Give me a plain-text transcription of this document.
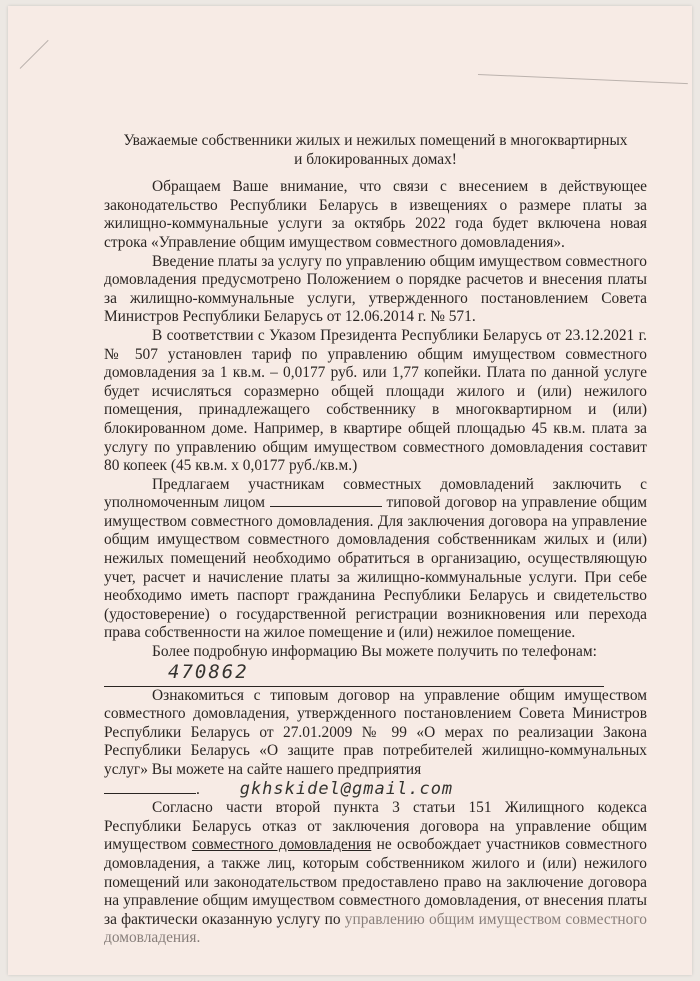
Уважаемые собственники жилых и нежилых помещений в многоквартирных
и блокированных домах!

Обращаем Ваше внимание, что связи с внесением в действующее законодательство Республики Беларусь в извещениях о размере платы за жилищно-коммунальные услуги за октябрь 2022 года будет включена новая строка «Управление общим имуществом совместного домовладения».

Введение платы за услугу по управлению общим имуществом совместного домовладения предусмотрено Положением о порядке расчетов и внесения платы за жилищно-коммунальные услуги, утвержденного постановлением Совета Министров Республики Беларусь от 12.06.2014 г. № 571.

В соответствии с Указом Президента Республики Беларусь от 23.12.2021 г. № 507 установлен тариф по управлению общим имуществом совместного домовладения за 1 кв.м. – 0,0177 руб. или 1,77 копейки. Плата по данной услуге будет исчисляться соразмерно общей площади жилого и (или) нежилого помещения, принадлежащего собственнику в многоквартирном и (или) блокированном доме. Например, в квартире общей площадью 45 кв.м. плата за услугу по управлению общим имуществом совместного домовладения составит 80 копеек (45 кв.м. х 0,0177 руб./кв.м.)

Предлагаем участникам совместных домовладений заключить с уполномоченным лицом	типовой договор на управление общим имуществом совместного домовладения. Для заключения договора на управление общим имуществом совместного домовладения собственникам жилых и (или) нежилых помещений необходимо обратиться в организацию, осуществляющую учет, расчет и начисление платы за жилищно-коммунальные услуги. При себе необходимо иметь паспорт гражданина Республики Беларусь и свидетельство (удостоверение) о государственной регистрации возникновения или перехода права собственности на жилое помещение и (или) нежилое помещение.

Более подробную информацию Вы можете получить по телефонам:

470862

Ознакомиться с типовым договор на управление общим имуществом совместного домовладения, утвержденного постановлением Совета Министров Республики Беларусь от 27.01.2009 № 99 «О мерах по реализации Закона Республики Беларусь «О защите прав потребителей жилищно-коммунальных услуг» Вы можете на сайте нашего предприятия
. gkhskidel@gmail.com

Согласно части второй пункта 3 статьи 151 Жилищного кодекса Республики Беларусь отказ от заключения договора на управление общим имуществом совместного домовладения не освобождает участников совместного домовладения, а также лиц, которым собственником жилого и (или) нежилого помещений или законодательством предоставлено право на заключение договора на управление общим имуществом совместного домовладения, от внесения платы за фактически оказанную услугу по управлению общим имуществом совместного домовладения.
